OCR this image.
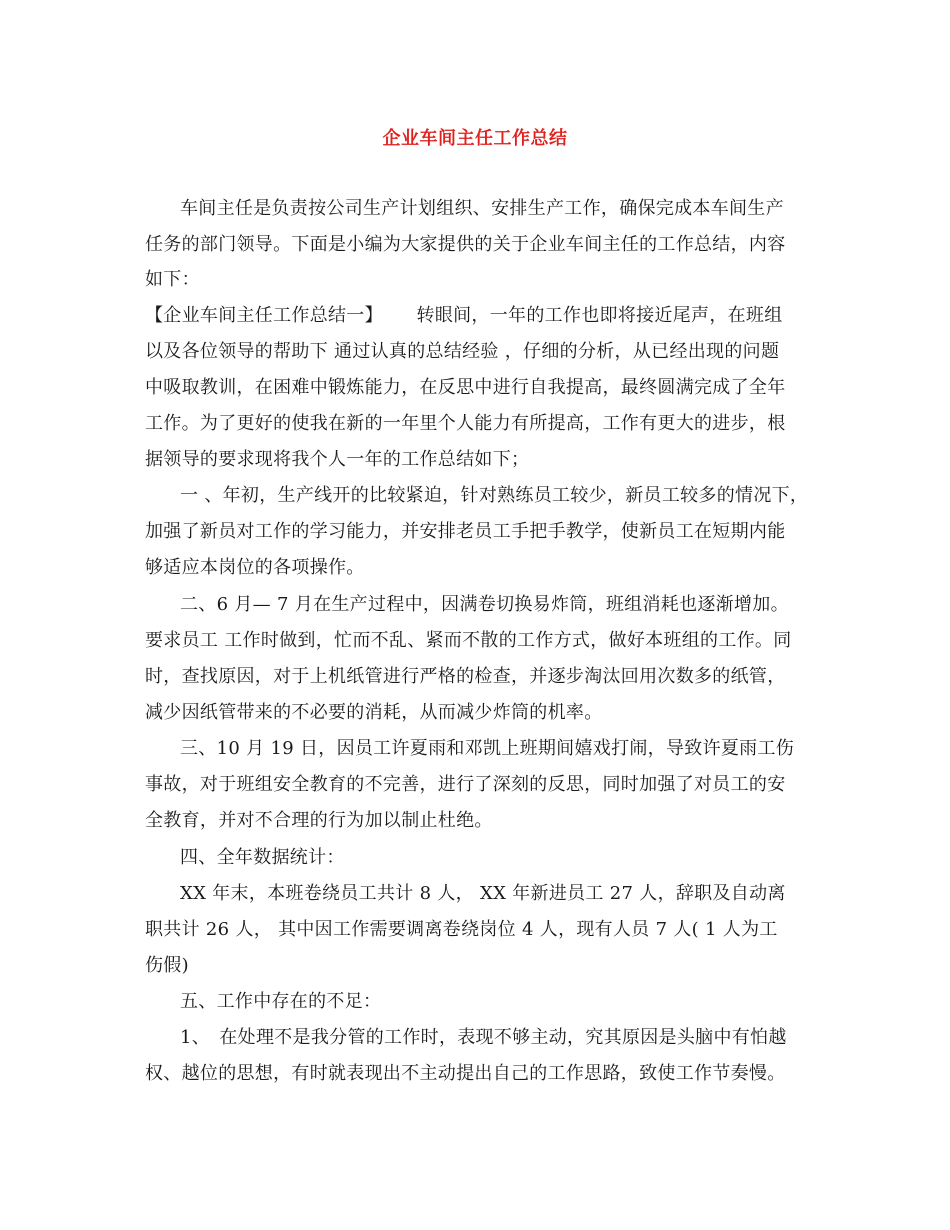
企业车间主任工作总结
车间主任是负责按公司生产计划组织、安排生产工作，确保完成本车间生产
任务的部门领导。下面是小编为大家提供的关于企业车间主任的工作总结，内容
如下：
【企业车间主任工作总结一】　　 转眼间，一年的工作也即将接近尾声，在班组
以及各位领导的帮助下 通过认真的总结经验 ，仔细的分析，从已经出现的问题
中吸取教训，在困难中锻炼能力，在反思中进行自我提高，最终圆满完成了全年
工作。为了更好的使我在新的一年里个人能力有所提高，工作有更大的进步，根
据领导的要求现将我个人一年的工作总结如下；
一 、年初，生产线开的比较紧迫，针对熟练员工较少，新员工较多的情况下，
加强了新员对工作的学习能力，并安排老员工手把手教学，使新员工在短期内能
够适应本岗位的各项操作。
二、6 月— 7 月在生产过程中，因满卷切换易炸筒，班组消耗也逐渐增加。
要求员工 工作时做到，忙而不乱、紧而不散的工作方式，做好本班组的工作。同
时，查找原因，对于上机纸管进行严格的检查，并逐步淘汰回用次数多的纸管，
减少因纸管带来的不必要的消耗，从而减少炸筒的机率。
三、10 月 19 日，因员工许夏雨和邓凯上班期间嬉戏打闹，导致许夏雨工伤
事故，对于班组安全教育的不完善，进行了深刻的反思，同时加强了对员工的安
全教育，并对不合理的行为加以制止杜绝。
四、全年数据统计：
XX 年末，本班卷绕员工共计 8 人， XX 年新进员工 27 人，辞职及自动离
职共计 26 人， 其中因工作需要调离卷绕岗位 4 人，现有人员 7 人( 1 人为工
伤假)
五、工作中存在的不足：
1、　在处理不是我分管的工作时，表现不够主动，究其原因是头脑中有怕越
权、越位的思想，有时就表现出不主动提出自己的工作思路，致使工作节奏慢。
